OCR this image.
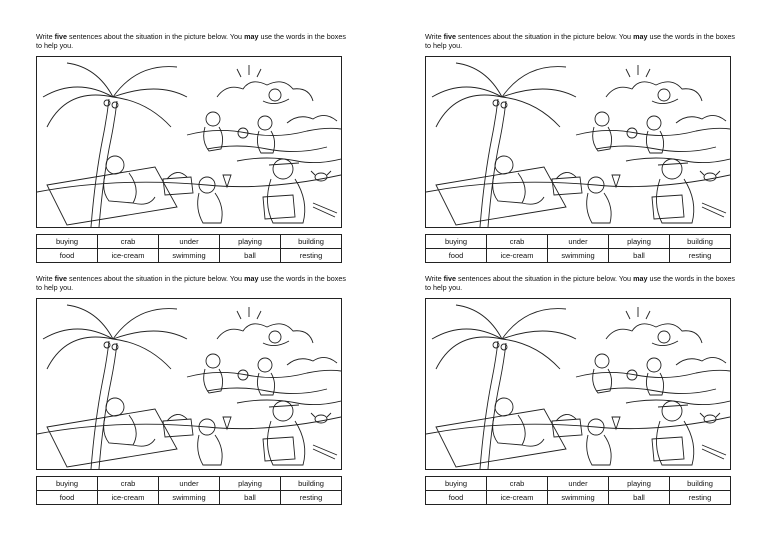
Write five sentences about the situation in the picture below. You may use the words in the boxes to help you.

buying	crab	under	playing	building
food	ice-cream	swimming	ball	resting

Write five sentences about the situation in the picture below. You may use the words in the boxes to help you.

buying	crab	under	playing	building
food	ice-cream	swimming	ball	resting

Write five sentences about the situation in the picture below. You may use the words in the boxes to help you.

buying	crab	under	playing	building
food	ice-cream	swimming	ball	resting

Write five sentences about the situation in the picture below. You may use the words in the boxes to help you.

buying	crab	under	playing	building
food	ice-cream	swimming	ball	resting
